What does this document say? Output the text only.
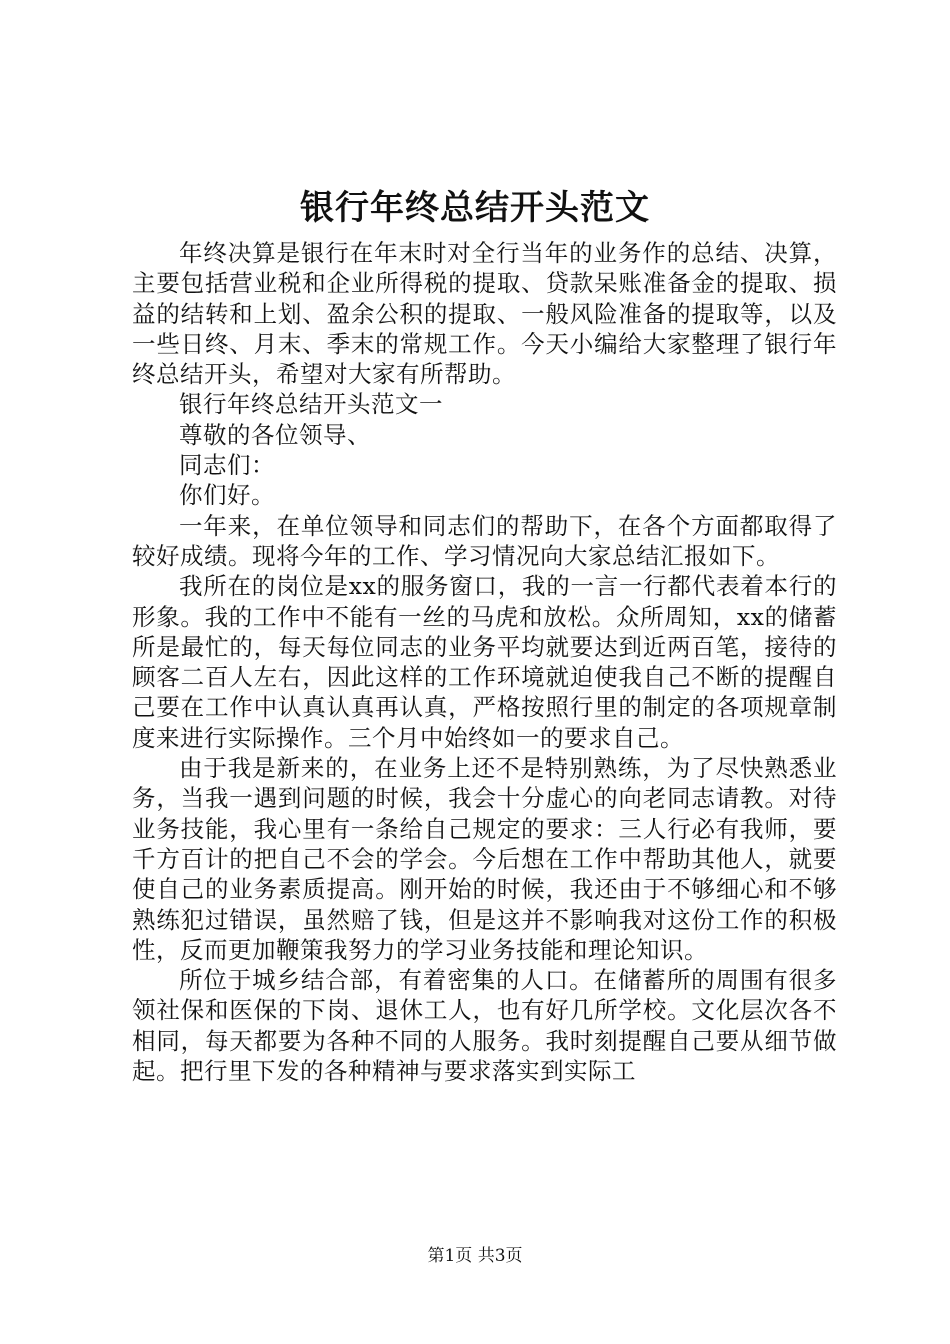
银行年终总结开头范文

年终决算是银行在年末时对全行当年的业务作的总结、决算，主要包括营业税和企业所得税的提取、贷款呆账准备金的提取、损益的结转和上划、盈余公积的提取、一般风险准备的提取等，以及一些日终、月末、季末的常规工作。今天小编给大家整理了银行年终总结开头，希望对大家有所帮助。

银行年终总结开头范文一

尊敬的各位领导、

同志们：

你们好。

一年来，在单位领导和同志们的帮助下，在各个方面都取得了较好成绩。现将今年的工作、学习情况向大家总结汇报如下。

我所在的岗位是xx的服务窗口，我的一言一行都代表着本行的形象。我的工作中不能有一丝的马虎和放松。众所周知，xx的储蓄所是最忙的，每天每位同志的业务平均就要达到近两百笔，接待的顾客二百人左右，因此这样的工作环境就迫使我自己不断的提醒自己要在工作中认真认真再认真，严格按照行里的制定的各项规章制度来进行实际操作。三个月中始终如一的要求自己。

由于我是新来的，在业务上还不是特别熟练，为了尽快熟悉业务，当我一遇到问题的时候，我会十分虚心的向老同志请教。对待业务技能，我心里有一条给自己规定的要求：三人行必有我师，要千方百计的把自己不会的学会。今后想在工作中帮助其他人，就要使自己的业务素质提高。刚开始的时候，我还由于不够细心和不够熟练犯过错误，虽然赔了钱，但是这并不影响我对这份工作的积极性，反而更加鞭策我努力的学习业务技能和理论知识。

所位于城乡结合部，有着密集的人口。在储蓄所的周围有很多领社保和医保的下岗、退休工人，也有好几所学校。文化层次各不相同，每天都要为各种不同的人服务。我时刻提醒自己要从细节做起。把行里下发的各种精神与要求落实到实际工

第1页 共3页
